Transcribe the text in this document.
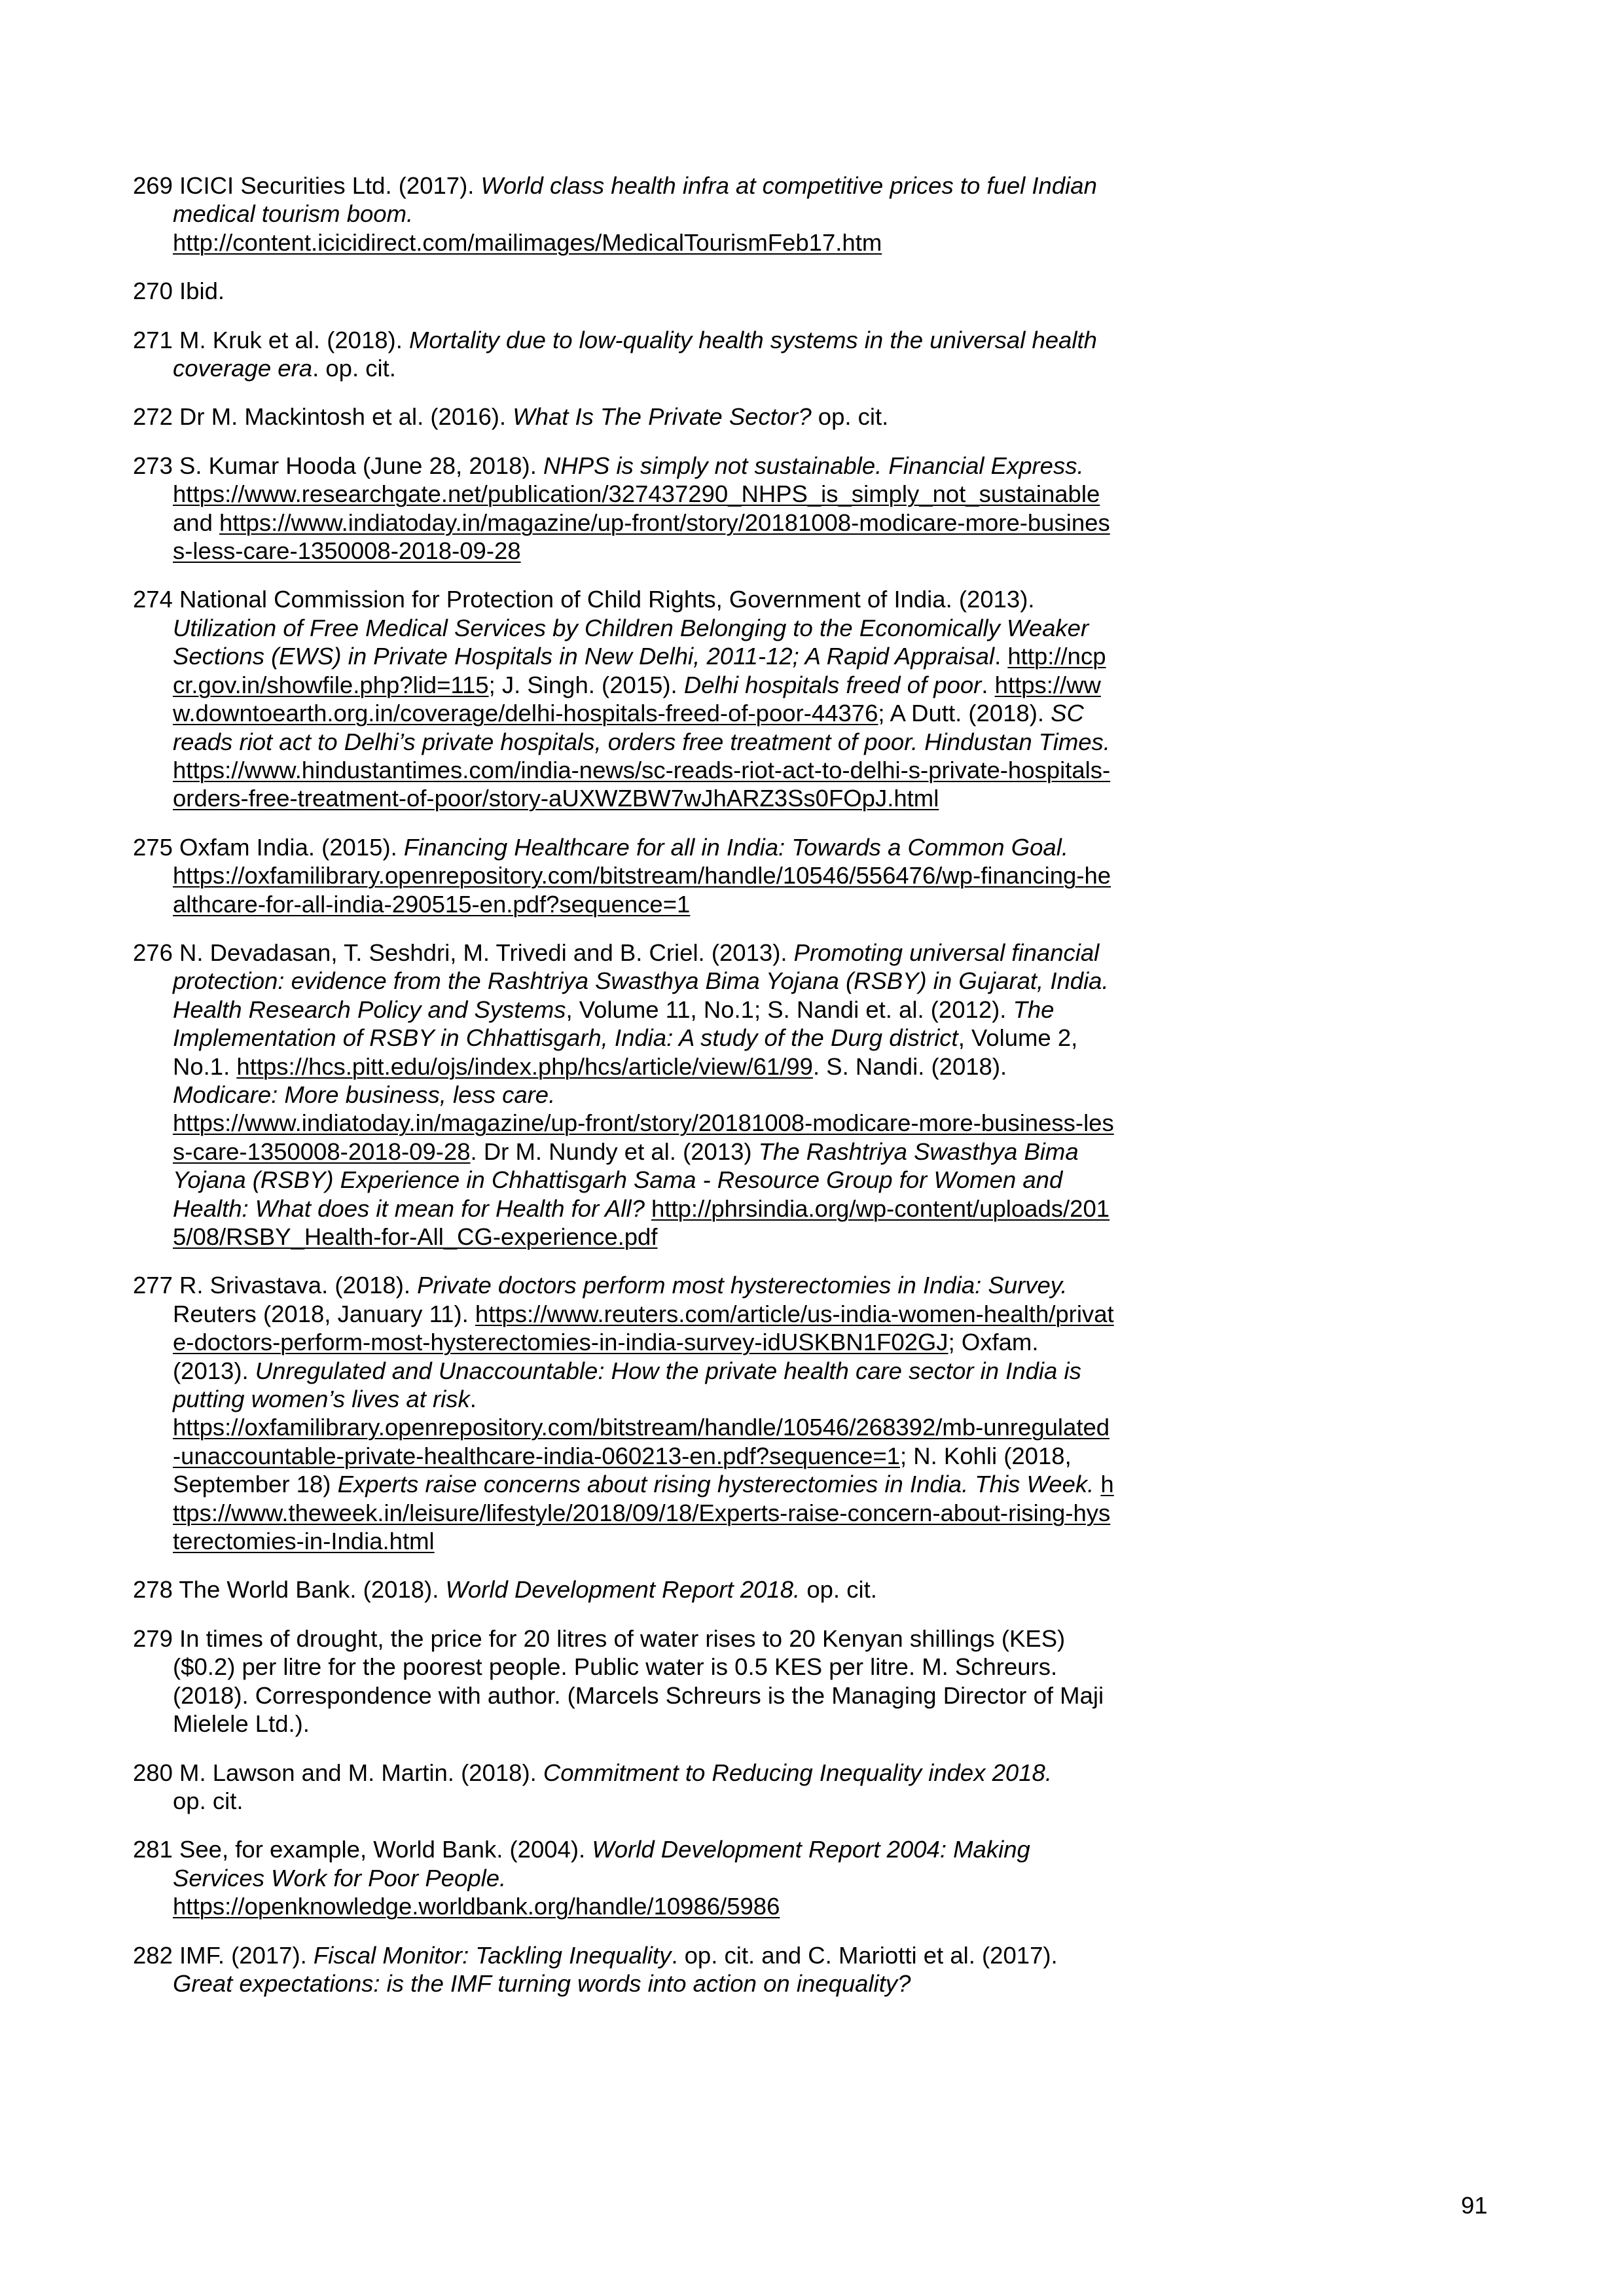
269 ICICI Securities Ltd. (2017). World class health infra at competitive prices to fuel Indian medical tourism boom.
http://content.icicidirect.com/mailimages/MedicalTourismFeb17.htm

270 Ibid.

271 M. Kruk et al. (2018). Mortality due to low-quality health systems in the universal health coverage era. op. cit.

272 Dr M. Mackintosh et al. (2016). What Is The Private Sector? op. cit.

273 S. Kumar Hooda (June 28, 2018). NHPS is simply not sustainable. Financial Express.
https://www.researchgate.net/publication/327437290_NHPS_is_simply_not_sustainable and https://www.indiatoday.in/magazine/up-front/story/20181008-modicare-more-business-less-care-1350008-2018-09-28

274 National Commission for Protection of Child Rights, Government of India. (2013). Utilization of Free Medical Services by Children Belonging to the Economically Weaker Sections (EWS) in Private Hospitals in New Delhi, 2011-12; A Rapid Appraisal. http://ncpcr.gov.in/showfile.php?lid=115; J. Singh. (2015). Delhi hospitals freed of poor. https://www.downtoearth.org.in/coverage/delhi-hospitals-freed-of-poor-44376; A Dutt. (2018). SC reads riot act to Delhi’s private hospitals, orders free treatment of poor. Hindustan Times. https://www.hindustantimes.com/india-news/sc-reads-riot-act-to-delhi-s-private-hospitals-orders-free-treatment-of-poor/story-aUXWZBW7wJhARZ3Ss0FOpJ.html

275 Oxfam India. (2015). Financing Healthcare for all in India: Towards a Common Goal.
https://oxfamilibrary.openrepository.com/bitstream/handle/10546/556476/wp-financing-healthcare-for-all-india-290515-en.pdf?sequence=1

276 N. Devadasan, T. Seshdri, M. Trivedi and B. Criel. (2013). Promoting universal financial protection: evidence from the Rashtriya Swasthya Bima Yojana (RSBY) in Gujarat, India. Health Research Policy and Systems, Volume 11, No.1; S. Nandi et. al. (2012). The Implementation of RSBY in Chhattisgarh, India: A study of the Durg district, Volume 2, No.1. https://hcs.pitt.edu/ojs/index.php/hcs/article/view/61/99. S. Nandi. (2018). Modicare: More business, less care.
https://www.indiatoday.in/magazine/up-front/story/20181008-modicare-more-business-less-care-1350008-2018-09-28. Dr M. Nundy et al. (2013) The Rashtriya Swasthya Bima Yojana (RSBY) Experience in Chhattisgarh Sama - Resource Group for Women and Health: What does it mean for Health for All? http://phrsindia.org/wp-content/uploads/2015/08/RSBY_Health-for-All_CG-experience.pdf

277 R. Srivastava. (2018). Private doctors perform most hysterectomies in India: Survey. Reuters (2018, January 11). https://www.reuters.com/article/us-india-women-health/private-doctors-perform-most-hysterectomies-in-india-survey-idUSKBN1F02GJ; Oxfam. (2013). Unregulated and Unaccountable: How the private health care sector in India is putting women’s lives at risk.
https://oxfamilibrary.openrepository.com/bitstream/handle/10546/268392/mb-unregulated-unaccountable-private-healthcare-india-060213-en.pdf?sequence=1; N. Kohli (2018, September 18) Experts raise concerns about rising hysterectomies in India. This Week. https://www.theweek.in/leisure/lifestyle/2018/09/18/Experts-raise-concern-about-rising-hysterectomies-in-India.html

278 The World Bank. (2018). World Development Report 2018. op. cit.

279 In times of drought, the price for 20 litres of water rises to 20 Kenyan shillings (KES) ($0.2) per litre for the poorest people. Public water is 0.5 KES per litre. M. Schreurs. (2018). Correspondence with author. (Marcels Schreurs is the Managing Director of Maji Mielele Ltd.).

280 M. Lawson and M. Martin. (2018). Commitment to Reducing Inequality index 2018.
op. cit.

281 See, for example, World Bank. (2004). World Development Report 2004: Making Services Work for Poor People.
https://openknowledge.worldbank.org/handle/10986/5986

282 IMF. (2017). Fiscal Monitor: Tackling Inequality. op. cit. and C. Mariotti et al. (2017). Great expectations: is the IMF turning words into action on inequality?

91
